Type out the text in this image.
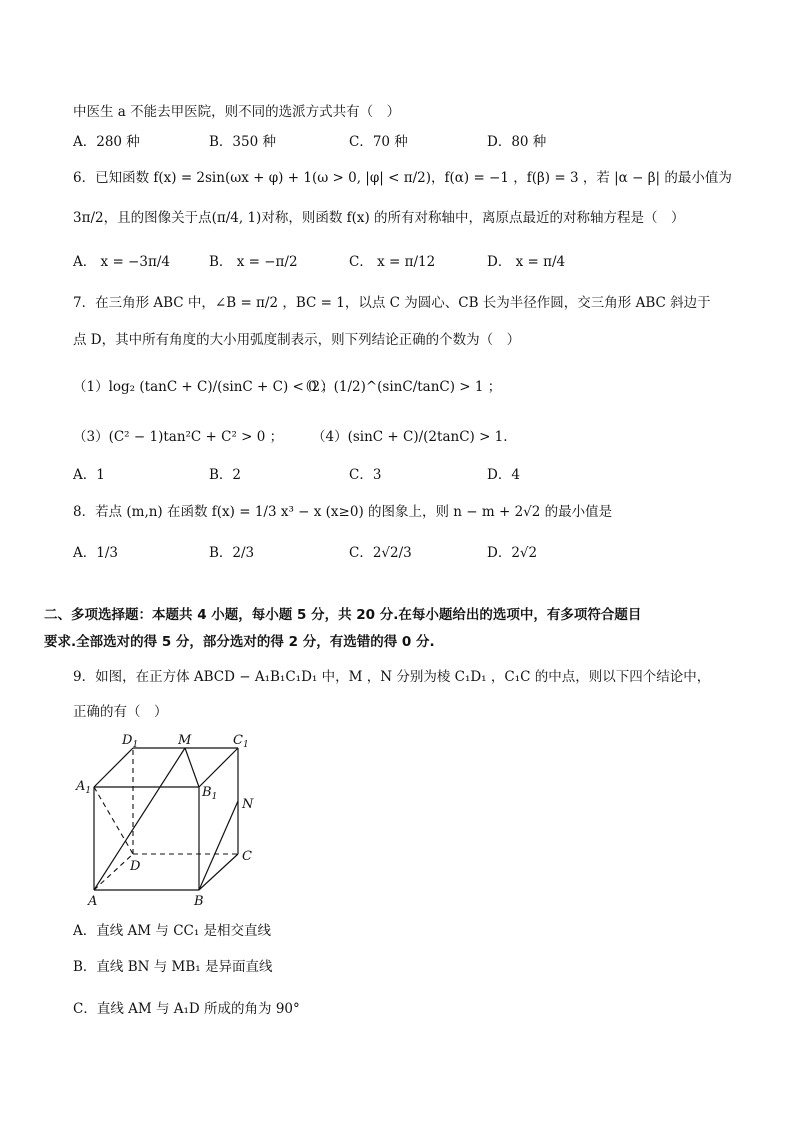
中医生 a 不能去甲医院，则不同的选派方式共有（　）
A．280 种	B．350 种	C．70 种	D．80 种
6．已知函数 f(x) = 2sin(ωx + φ) + 1(ω > 0, |φ| < π/2)，f(α) = −1 ，f(β) = 3 ，若 |α − β| 的最小值为
3π/2，且的图像关于点(π/4, 1)对称，则函数 f(x) 的所有对称轴中，离原点最近的对称轴方程是（　）
A． x = −3π/4	B． x = −π/2	C． x = π/12	D． x = π/4
7．在三角形 ABC 中，∠B = π/2 ，BC = 1，以点 C 为圆心、CB 长为半径作圆，交三角形 ABC 斜边于
点 D，其中所有角度的大小用弧度制表示，则下列结论正确的个数为（　）
（1）log₂ (tanC + C)/(sinC + C) < 0 ；
（2）(1/2)^(sinC/tanC) > 1 ；
（3）(C² − 1)tan²C + C² > 0 ； （4）(sinC + C)/(2tanC) > 1.
A．1	B．2	C．3	D．4
8．若点 (m,n) 在函数 f(x) = 1/3 x³ − x (x≥0) 的图象上，则 n − m + 2√2 的最小值是
A．1/3	B．2/3	C．2√2/3	D．2√2
二、多项选择题：本题共 4 小题，每小题 5 分，共 20 分.在每小题给出的选项中，有多项符合题目
要求.全部选对的得 5 分，部分选对的得 2 分，有选错的得 0 分.
9．如图，在正方体 ABCD − A₁B₁C₁D₁ 中，M ，N 分别为棱 C₁D₁ ，C₁C 的中点，则以下四个结论中，
正确的有（　）
$D_1$	M	$C_1$
$A_1$	$B_1$ N
C
D
A	B
A．直线 AM 与 CC₁ 是相交直线
B．直线 BN 与 MB₁ 是异面直线
C．直线 AM 与 A₁D 所成的角为 90°
